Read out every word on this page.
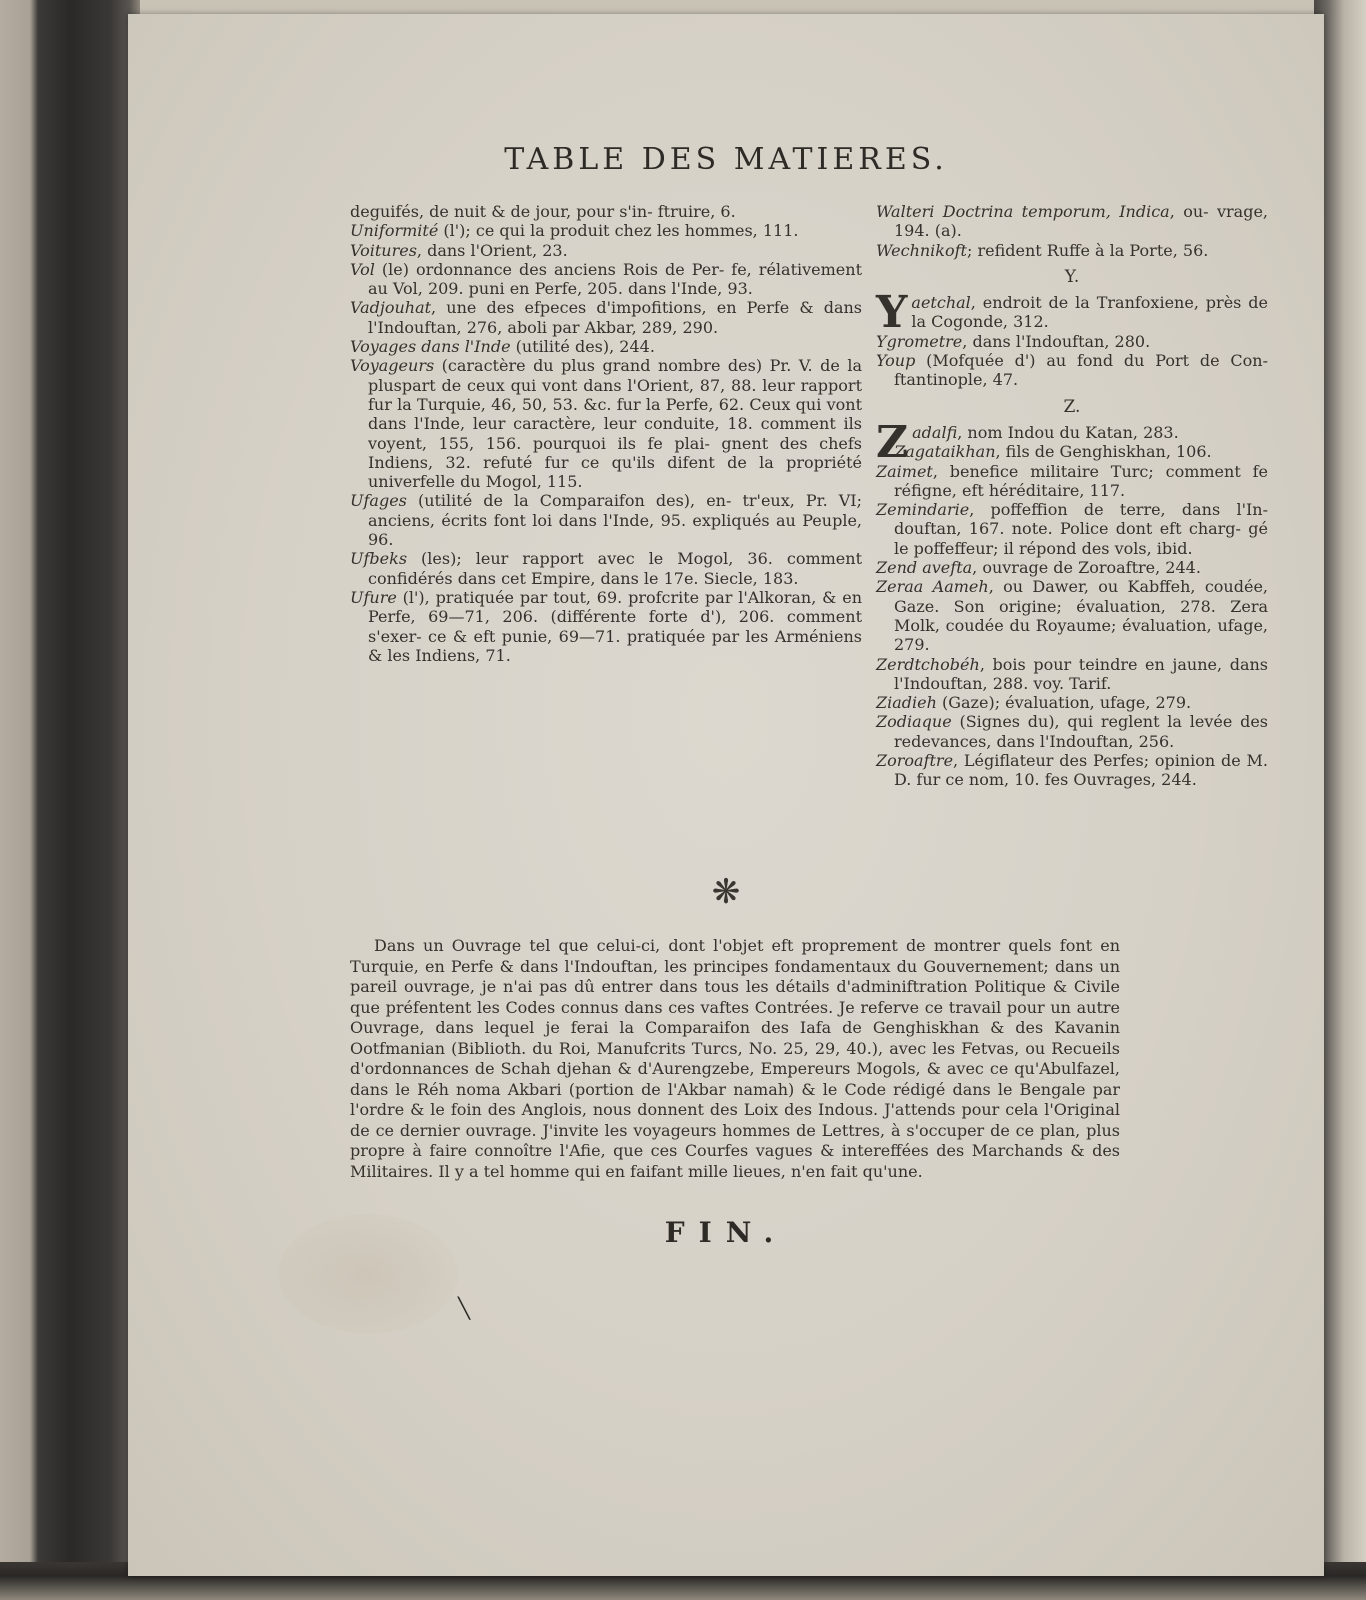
TABLE DES MATIERES.
deguifés, de nuit & de jour, pour s'in- ftruire, 6.
Uniformité (l'); ce qui la produit chez les hommes, 111.
Voitures, dans l'Orient, 23.
Vol (le) ordonnance des anciens Rois de Per- fe, rélativement au Vol, 209. puni en Perfe, 205. dans l'Inde, 93.
Vadjouhat, une des efpeces d'impofitions, en Perfe & dans l'Indouftan, 276, aboli par Akbar, 289, 290.
Voyages dans l'Inde (utilité des), 244.
Voyageurs (caractère du plus grand nombre des) Pr. V. de la pluspart de ceux qui vont dans l'Orient, 87, 88. leur rapport fur la Turquie, 46, 50, 53. &c. fur la Perfe, 62. Ceux qui vont dans l'Inde, leur caractère, leur conduite, 18. comment ils voyent, 155, 156. pourquoi ils fe plai- gnent des chefs Indiens, 32. refuté fur ce qu'ils difent de la propriété univerfelle du Mogol, 115.
Ufages (utilité de la Comparaifon des), en- tr'eux, Pr. VI; anciens, écrits font loi dans l'Inde, 95. expliqués au Peuple, 96.
Ufbeks (les); leur rapport avec le Mogol, 36. comment confidérés dans cet Empire, dans le 17e. Siecle, 183.
Ufure (l'), pratiquée par tout, 69. profcrite par l'Alkoran, & en Perfe, 69—71, 206. (différente forte d'), 206. comment s'exer- ce & eft punie, 69—71. pratiquée par les Arméniens & les Indiens, 71.
Walteri Doctrina temporum, Indica, ou- vrage, 194. (a).
Wechnikoft; refident Ruffe à la Porte, 56.
Y.
Yaetchal, endroit de la Tranfoxiene, près de la Cogonde, 312.
Ygrometre, dans l'Indouftan, 280.
Youp (Mofquée d') au fond du Port de Con- ftantinople, 47.
Z.
Zadalfi, nom Indou du Katan, 283.
Zagataikhan, fils de Genghiskhan, 106.
Zaimet, benefice militaire Turc; comment fe réfigne, eft héréditaire, 117.
Zemindarie, poffeffion de terre, dans l'In- douftan, 167. note. Police dont eft charg- gé le poffeffeur; il répond des vols, ibid.
Zend avefta, ouvrage de Zoroaftre, 244.
Zeraa Aameh, ou Dawer, ou Kabffeh, coudée, Gaze. Son origine; évaluation, 278. Zera Molk, coudée du Royaume; évaluation, ufage, 279.
Zerdtchobéh, bois pour teindre en jaune, dans l'Indouftan, 288. voy. Tarif.
Ziadieh (Gaze); évaluation, ufage, 279.
Zodiaque (Signes du), qui reglent la levée des redevances, dans l'Indouftan, 256.
Zoroaftre, Légiflateur des Perfes; opinion de M. D. fur ce nom, 10. fes Ouvrages, 244.
❋
Dans un Ouvrage tel que celui-ci, dont l'objet eft proprement de montrer quels font en Turquie, en Perfe & dans l'Indouftan, les principes fondamentaux du Gouvernement; dans un pareil ouvrage, je n'ai pas dû entrer dans tous les détails d'adminiftration Politique & Civile que préfentent les Codes connus dans ces vaftes Contrées. Je referve ce travail pour un autre Ouvrage, dans lequel je ferai la Comparaifon des Iafa de Genghiskhan & des Kavanin Ootfmanian (Biblioth. du Roi, Manufcrits Turcs, No. 25, 29, 40.), avec les Fetvas, ou Recueils d'ordonnances de Schah djehan & d'Aurengzebe, Empereurs Mogols, & avec ce qu'Abulfazel, dans le Réh noma Akbari (portion de l'Akbar namah) & le Code rédigé dans le Bengale par l'ordre & le foin des Anglois, nous donnent des Loix des Indous. J'attends pour cela l'Original de ce dernier ouvrage. J'invite les voyageurs hommes de Lettres, à s'occuper de ce plan, plus propre à faire connoître l'Afie, que ces Courfes vagues & intereffées des Marchands & des Militaires. Il y a tel homme qui en faifant mille lieues, n'en fait qu'une.
FIN.
╲
